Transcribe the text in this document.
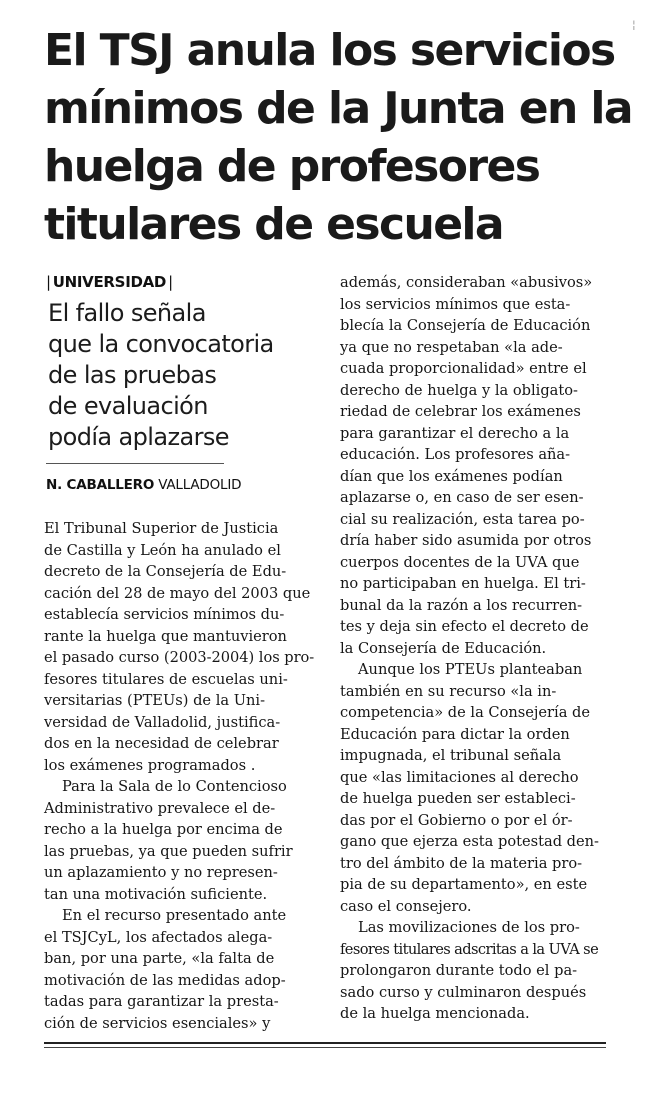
¦
El TSJ anula los servicios
mínimos de la Junta en la
huelga de profesores
titulares de escuela
| UNIVERSIDAD |
El fallo señala
que la convocatoria
de las pruebas
de evaluación
podía aplazarse
N. CABALLERO VALLADOLID
El Tribunal Superior de Justicia
de Castilla y León ha anulado el
decreto de la Consejería de Edu-
cación del 28 de mayo del 2003 que
establecía servicios mínimos du-
rante la huelga que mantuvieron
el pasado curso (2003-2004) los pro-
fesores titulares de escuelas uni-
versitarias (PTEUs) de la Uni-
versidad de Valladolid, justifica-
dos en la necesidad de celebrar
los exámenes programados .
Para la Sala de lo Contencioso
Administrativo prevalece el de-
recho a la huelga por encima de
las pruebas, ya que pueden sufrir
un aplazamiento y no represen-
tan una motivación suficiente.
En el recurso presentado ante
el TSJCyL, los afectados alega-
ban, por una parte, «la falta de
motivación de las medidas adop-
tadas para garantizar la presta-
ción de servicios esenciales» y
además, consideraban «abusivos»
los servicios mínimos que esta-
blecía la Consejería de Educación
ya que no respetaban «la ade-
cuada proporcionalidad» entre el
derecho de huelga y la obligato-
riedad de celebrar los exámenes
para garantizar el derecho a la
educación. Los profesores aña-
dían que los exámenes podían
aplazarse o, en caso de ser esen-
cial su realización, esta tarea po-
dría haber sido asumida por otros
cuerpos docentes de la UVA que
no participaban en huelga. El tri-
bunal da la razón a los recurren-
tes y deja sin efecto el decreto de
la Consejería de Educación.
Aunque los PTEUs planteaban
también en su recurso «la in-
competencia» de la Consejería de
Educación para dictar la orden
impugnada, el tribunal señala
que «las limitaciones al derecho
de huelga pueden ser estableci-
das por el Gobierno o por el ór-
gano que ejerza esta potestad den-
tro del ámbito de la materia pro-
pia de su departamento», en este
caso el consejero.
Las movilizaciones de los pro-
fesores titulares adscritas a la UVA se
prolongaron durante todo el pa-
sado curso y culminaron después
de la huelga mencionada.
